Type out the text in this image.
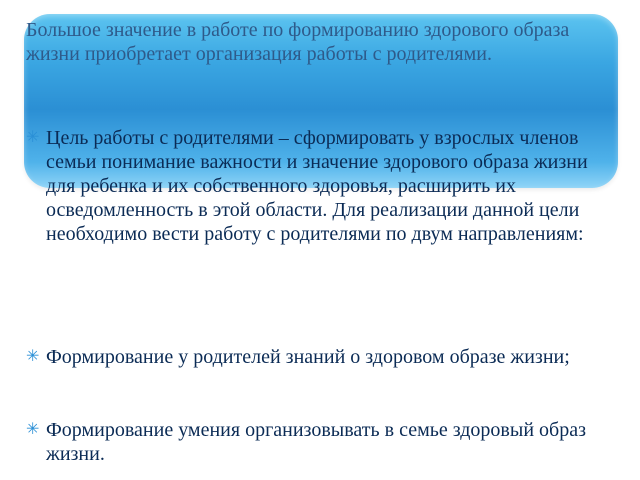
Большое значение в работе по формированию здорового образа жизни приобретает организация работы с родителями.

✳ Цель работы с родителями – сформировать у взрослых членов семьи понимание важности и значение здорового образа жизни для ребенка и их собственного здоровья, расширить их осведомленность в этой области. Для реализации данной цели необходимо вести работу с родителями по двум направлениям:

✳ Формирование у родителей знаний о здоровом образе жизни;

✳ Формирование умения организовывать в семье здоровый образ жизни.
